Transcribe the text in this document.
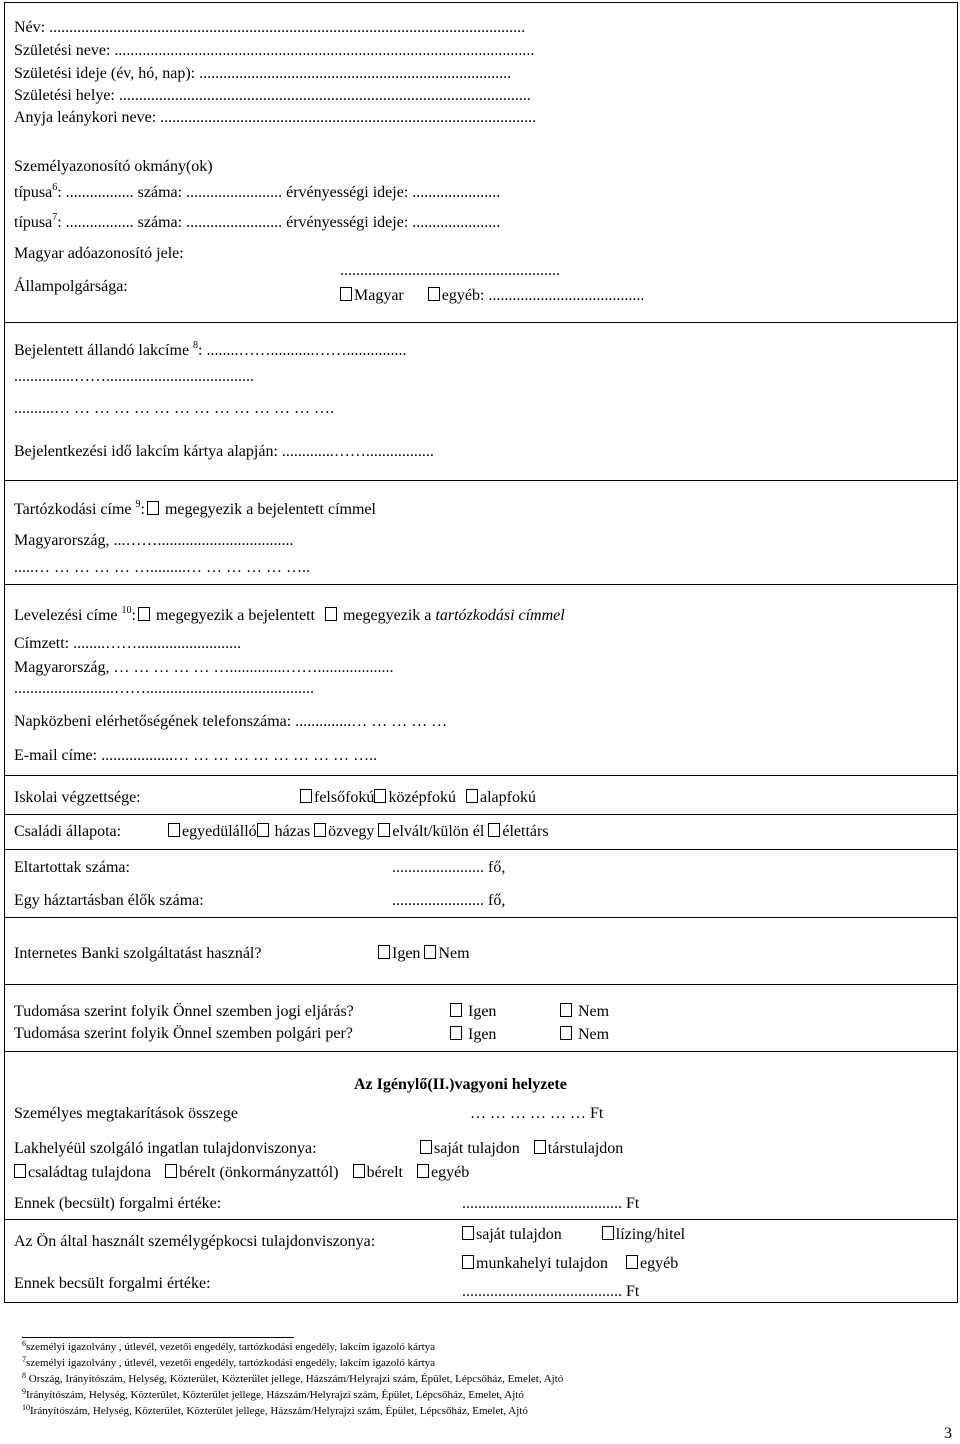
Név: .......................................................................................................................
Születési neve: .........................................................................................................
Születési ideje (év, hó, nap): ..............................................................................
Születési helye: .......................................................................................................
Anyja leánykori neve: ..............................................................................................
Személyazonosító okmány(ok)
típusa$^6$: ................. száma: ........................ érvényességi ideje: ......................
típusa$^7$: ................. száma: ........................ érvényességi ideje: ......................
Magyar adóazonosító jele:
.......................................................
Állampolgársága:
Magyar egyéb: .......................................
Bejelentett állandó lakcíme $^8$: ........……...........……...............
...............…….....................................
..........… … … … … … … … … … … … … ….
Bejelentkezési idő lakcím kártya alapján: .............…….................
Tartózkodási címe $^9$: megegyezik a bejelentett címmel
Magyarország, ...……..................................
.....… … … … … ….........… … … … … …..
Levelezési címe $^{10}$: megegyezik a bejelentett megegyezik a tartózkodási címmel
Címzett: ........……..........................
Magyarország, … … … … … …..............……...................
.........................……..........................................
Napközbeni elérhetőségének telefonszáma: ..............… … … … …
E-mail címe: ..................… … … … … … … … … …..
Iskolai végzettsége:	felsőfokú középfokú alapfokú
Családi állapota:	egyedülálló házas özvegy elvált/külön él élettárs
Eltartottak száma:	....................... fő,
Egy háztartásban élők száma:	....................... fő,
Internetes Banki szolgáltatást használ?	Igen Nem
Tudomása szerint folyik Önnel szemben jogi eljárás?	Igen	Nem
Tudomása szerint folyik Önnel szemben polgári per?	Igen	Nem
Az Igénylő(II.)vagyoni helyzete
Személyes megtakarítások összege	… … … … … … Ft
Lakhelyéül szolgáló ingatlan tulajdonviszonya:	saját tulajdon társtulajdon
családtag tulajdona bérelt (önkormányzattól) bérelt egyéb
Ennek (becsült) forgalmi értéke:	........................................ Ft
Az Ön által használt személygépkocsi tulajdonviszonya:	saját tulajdon	lízing/hitel
munkahelyi tulajdon egyéb
Ennek becsült forgalmi értéke:	........................................ Ft
$^6$személyi igazolvány , útlevél, vezetői engedély, tartózkodási engedély, lakcím igazoló kártya
$^7$személyi igazolvány , útlevél, vezetői engedély, tartózkodási engedély, lakcím igazoló kártya
$^8$ Ország, Irányítószám, Helység, Közterület, Közterület jellege, Házszám/Helyrajzi szám, Épület, Lépcsőház, Emelet, Ajtó
$^9$Irányítószám, Helység, Közterület, Közterület jellege, Házszám/Helyrajzi szám, Épület, Lépcsőház, Emelet, Ajtó
$^{10}$Irányítószám, Helység, Közterület, Közterület jellege, Házszám/Helyrajzi szám, Épület, Lépcsőház, Emelet, Ajtó
3
